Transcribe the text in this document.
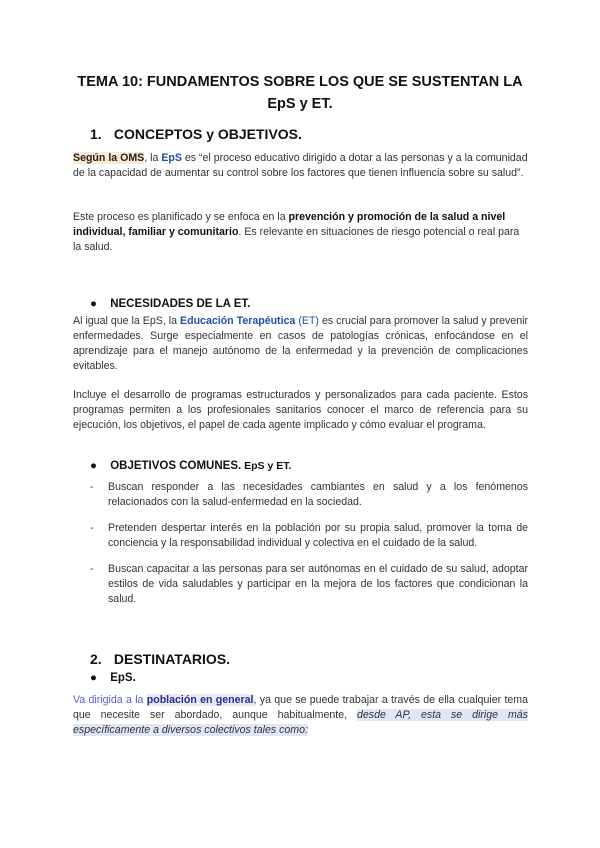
TEMA 10: FUNDAMENTOS SOBRE LOS QUE SE SUSTENTAN LA
EpS y ET.
1. CONCEPTOS y OBJETIVOS.
Según la OMS, la EpS es “el proceso educativo dirigido a dotar a las personas y a la comunidad de la capacidad de aumentar su control sobre los factores que tienen influencia sobre su salud”.
Este proceso es planificado y se enfoca en la prevención y promoción de la salud a nivel individual, familiar y comunitario. Es relevante en situaciones de riesgo potencial o real para la salud.
● NECESIDADES DE LA ET.
Al igual que la EpS, la Educación Terapéutica (ET) es crucial para promover la salud y prevenir enfermedades. Surge especialmente en casos de patologías crónicas, enfocándose en el aprendizaje para el manejo autónomo de la enfermedad y la prevención de complicaciones evitables.
Incluye el desarrollo de programas estructurados y personalizados para cada paciente. Estos programas permiten a los profesionales sanitarios conocer el marco de referencia para su ejecución, los objetivos, el papel de cada agente implicado y cómo evaluar el programa.
● OBJETIVOS COMUNES. EpS y ET.
- Buscan responder a las necesidades cambiantes en salud y a los fenómenos relacionados con la salud-enfermedad en la sociedad.
- Pretenden despertar interés en la población por su propia salud, promover la toma de conciencia y la responsabilidad individual y colectiva en el cuidado de la salud.
- Buscan capacitar a las personas para ser autónomas en el cuidado de su salud, adoptar estilos de vida saludables y participar en la mejora de los factores que condicionan la salud.
2. DESTINATARIOS.
● EpS.
Va dirigida a la población en general, ya que se puede trabajar a través de ella cualquier tema que necesite ser abordado, aunque habitualmente, desde AP, esta se dirige más específicamente a diversos colectivos tales como:
